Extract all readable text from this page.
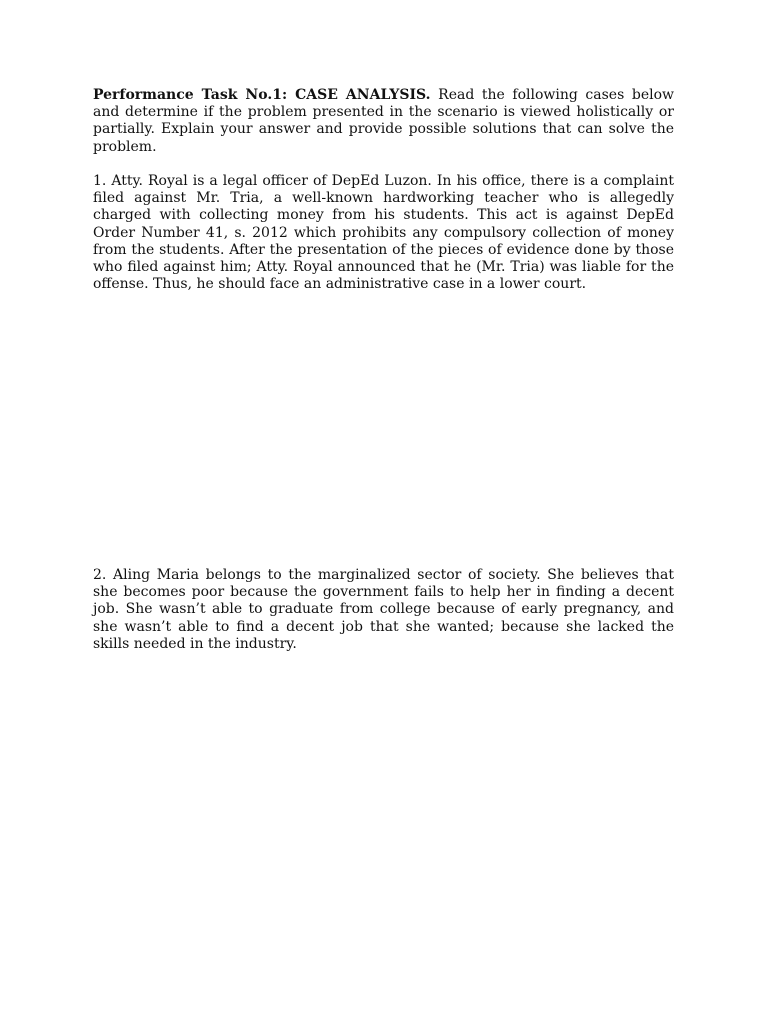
Performance Task No.1: CASE ANALYSIS. Read the following cases below and determine if the problem presented in the scenario is viewed holistically or partially. Explain your answer and provide possible solutions that can solve the problem.

1. Atty. Royal is a legal officer of DepEd Luzon. In his office, there is a complaint filed against Mr. Tria, a well-known hardworking teacher who is allegedly charged with collecting money from his students. This act is against DepEd Order Number 41, s. 2012 which prohibits any compulsory collection of money from the students. After the presentation of the pieces of evidence done by those who filed against him; Atty. Royal announced that he (Mr. Tria) was liable for the offense. Thus, he should face an administrative case in a lower court.

2. Aling Maria belongs to the marginalized sector of society. She believes that she becomes poor because the government fails to help her in finding a decent job. She wasn’t able to graduate from college because of early pregnancy, and she wasn’t able to find a decent job that she wanted; because she lacked the skills needed in the industry.
